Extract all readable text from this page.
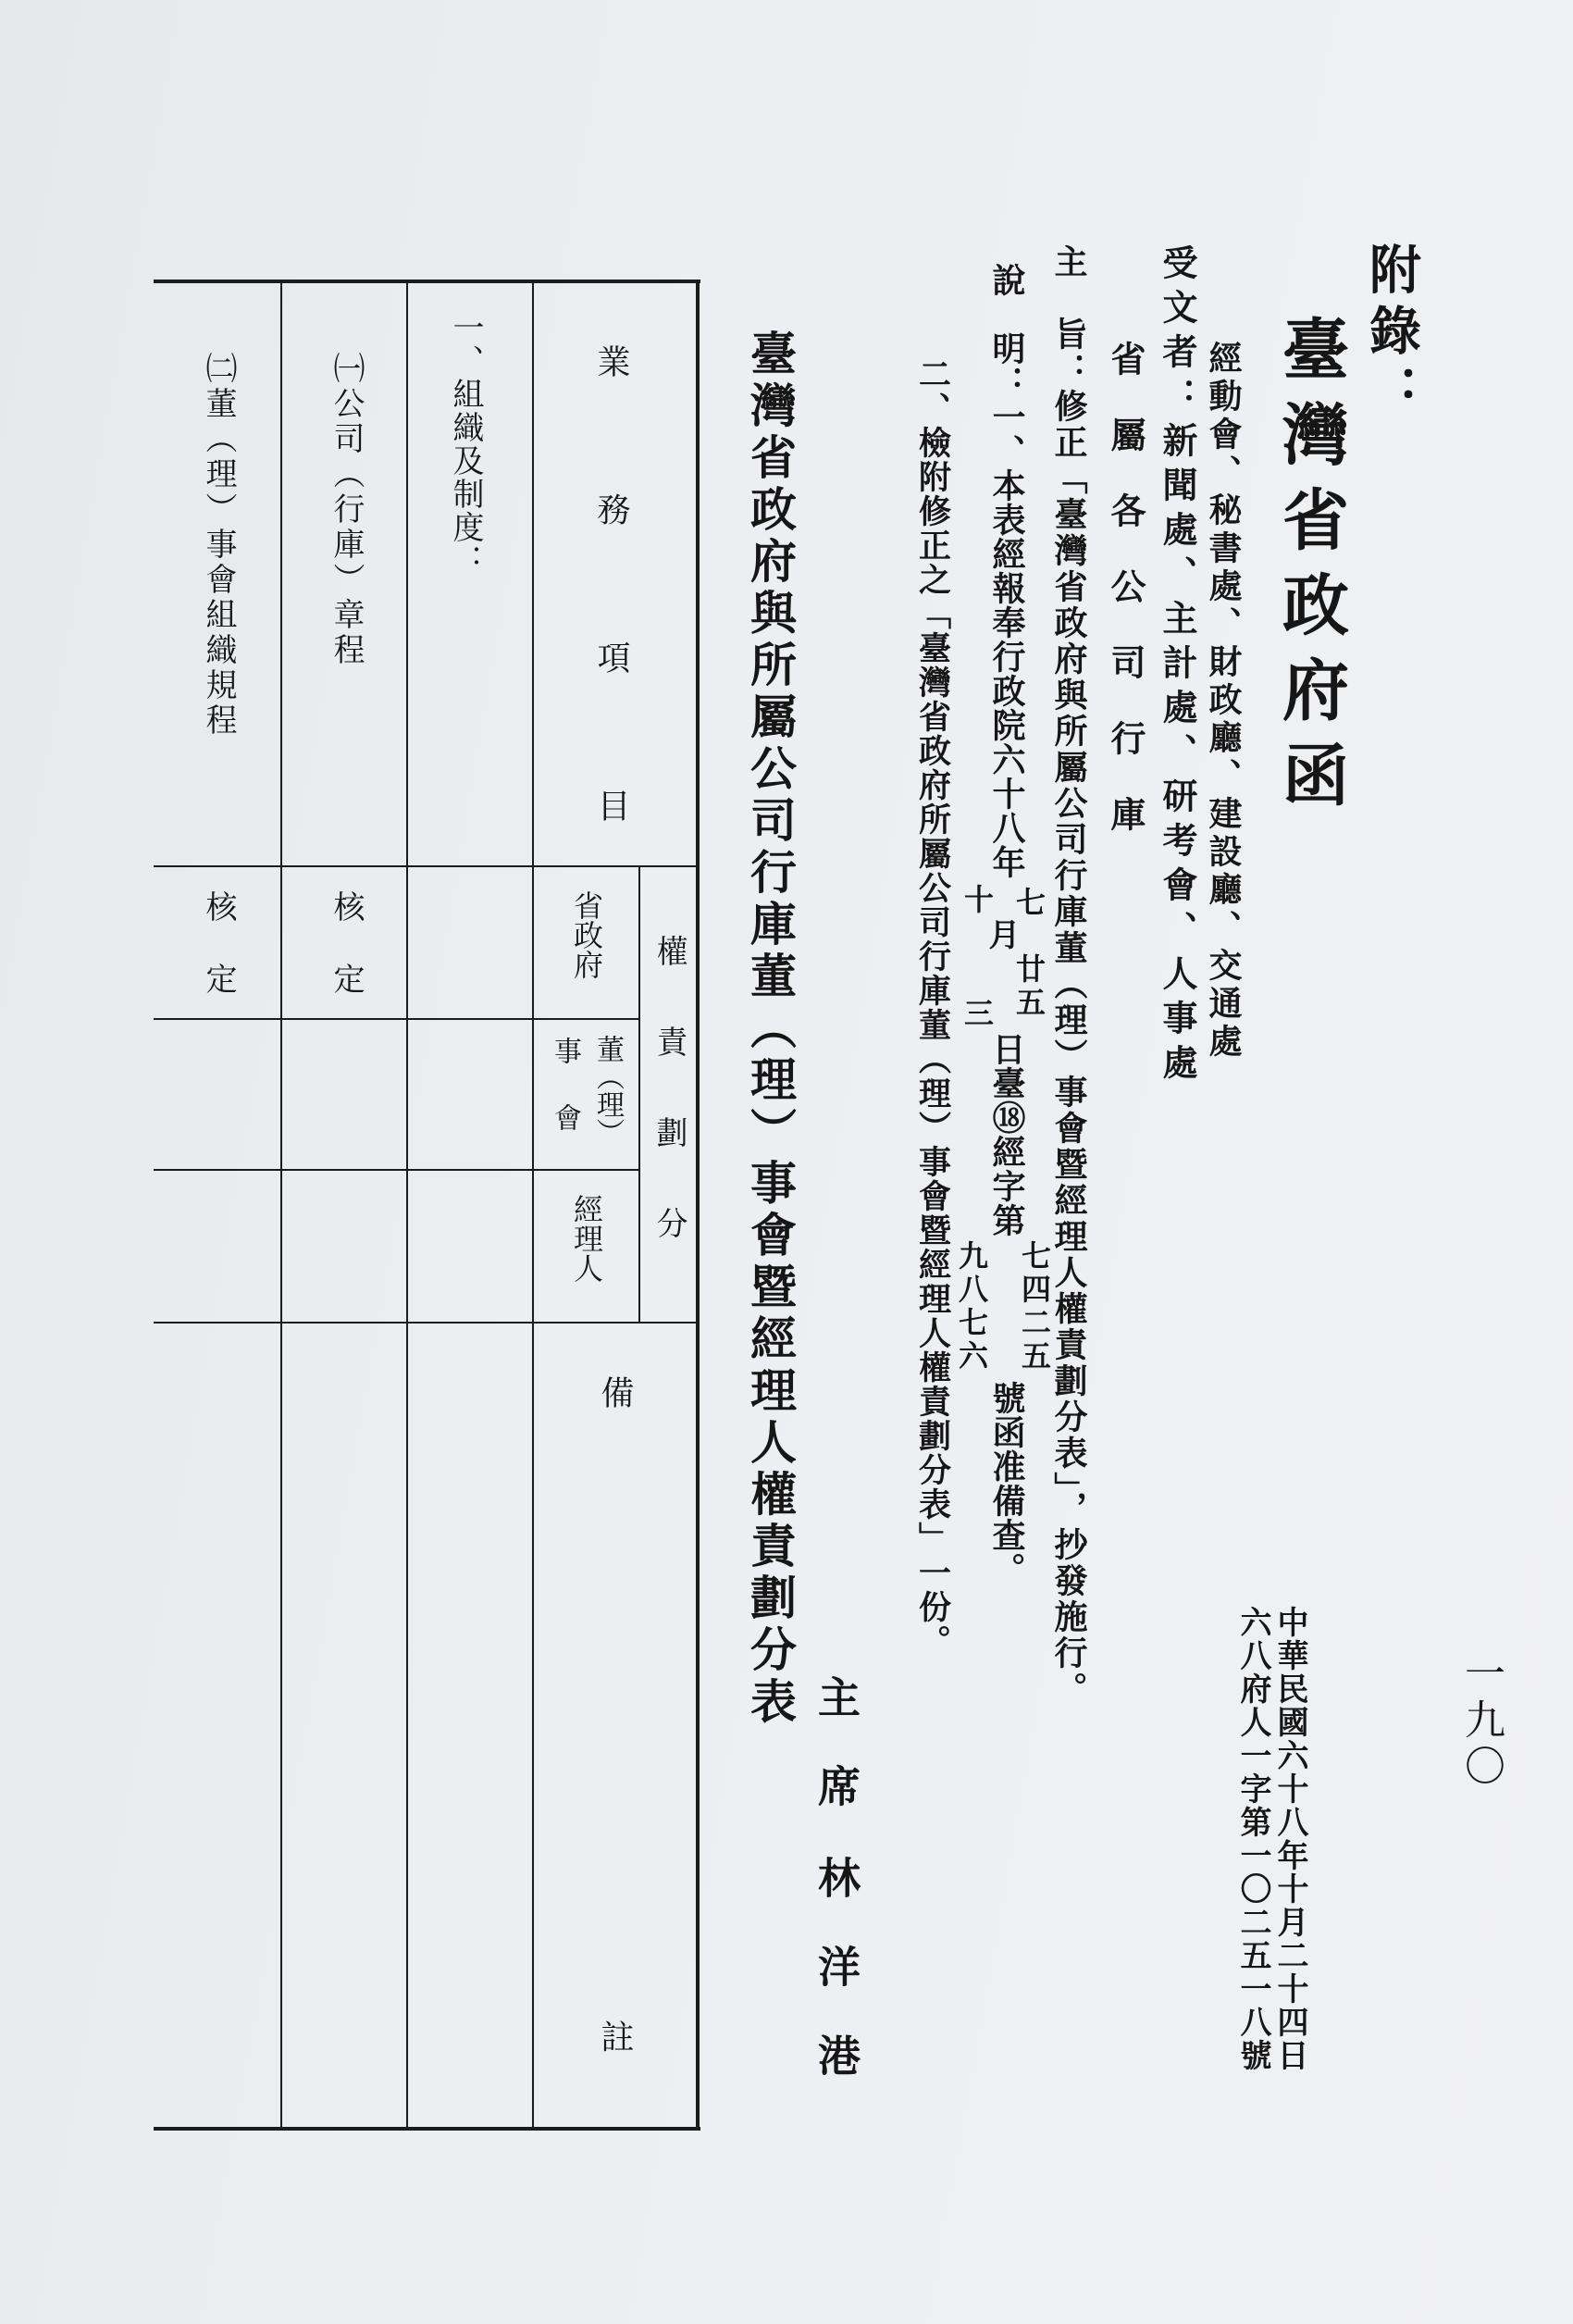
一九〇
附錄：
臺灣省政府函
中華民國六十八年十月二十四日
六八府人一字第一〇二五一八號
經動會、秘書處、財政廳、建設廳、交通處
受文者：新聞處、主計處、研考會、人事處
省屬各公司行庫
主　旨：修正「臺灣省政府與所屬公司行庫董（理）事會暨經理人權責劃分表」，抄發施行。
說　明：一、本表經報奉行政院六十八年
七
十
月
廿五
三
日臺⑱經字第
七四二五
九八七六
號函准備查。
二、檢附修正之「臺灣省政府所屬公司行庫董（理）事會暨經理人權責劃分表」一份。
臺灣省政府與所屬公司行庫董（理）事會暨經理人權責劃分表
主席
林洋港
業務項目
權責劃分
省政府
董（理）
事會
經理人
備
註
一、組織及制度：
㈠公司（行庫）章程
核定
㈡董（理）事會組織規程
核定
